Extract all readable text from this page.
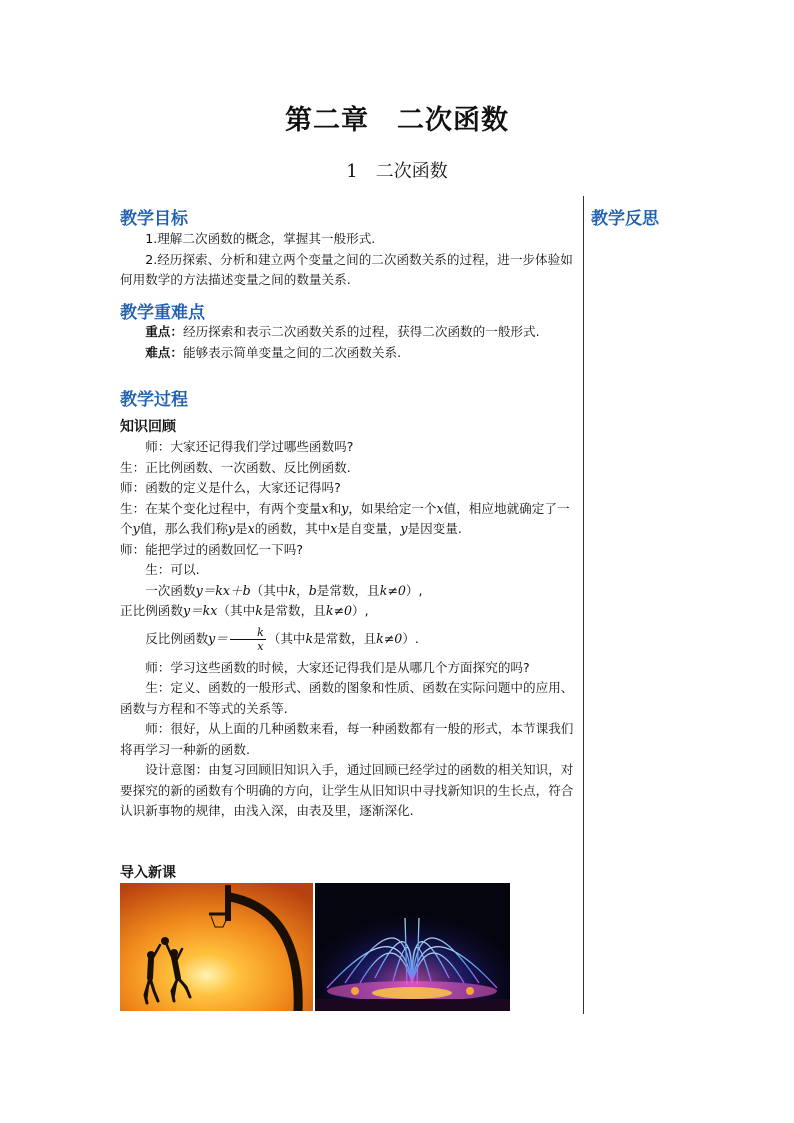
第二章　二次函数
1　二次函数
教学反思
教学目标

1.理解二次函数的概念，掌握其一般形式.

2.经历探索、分析和建立两个变量之间的二次函数关系的过程，进一步体验如何用数学的方法描述变量之间的数量关系.

教学重难点

重点：经历探索和表示二次函数关系的过程，获得二次函数的一般形式.

难点：能够表示简单变量之间的二次函数关系.

教学过程
知识回顾

师：大家还记得我们学过哪些函数吗?

生：正比例函数、一次函数、反比例函数.

师：函数的定义是什么，大家还记得吗?

生：在某个变化过程中，有两个变量x和y，如果给定一个x值，相应地就确定了一个y值，那么我们称y是x的函数，其中x是自变量，y是因变量.

师：能把学过的函数回忆一下吗?

生：可以.

一次函数y＝kx＋b（其中k，b是常数，且k≠0）,

正比例函数y＝kx（其中k是常数，且k≠0）,

反比例函数$y= \frac{k}{x}$ （其中k是常数，且k≠0）.

师：学习这些函数的时候，大家还记得我们是从哪几个方面探究的吗?

生：定义、函数的一般形式、函数的图象和性质、函数在实际问题中的应用、函数与方程和不等式的关系等.

师：很好，从上面的几种函数来看，每一种函数都有一般的形式，本节课我们将再学习一种新的函数.

设计意图：由复习回顾旧知识入手，通过回顾已经学过的函数的相关知识，对要探究的新的函数有个明确的方向，让学生从旧知识中寻找新知识的生长点，符合认识新事物的规律，由浅入深，由表及里，逐渐深化.

导入新课
